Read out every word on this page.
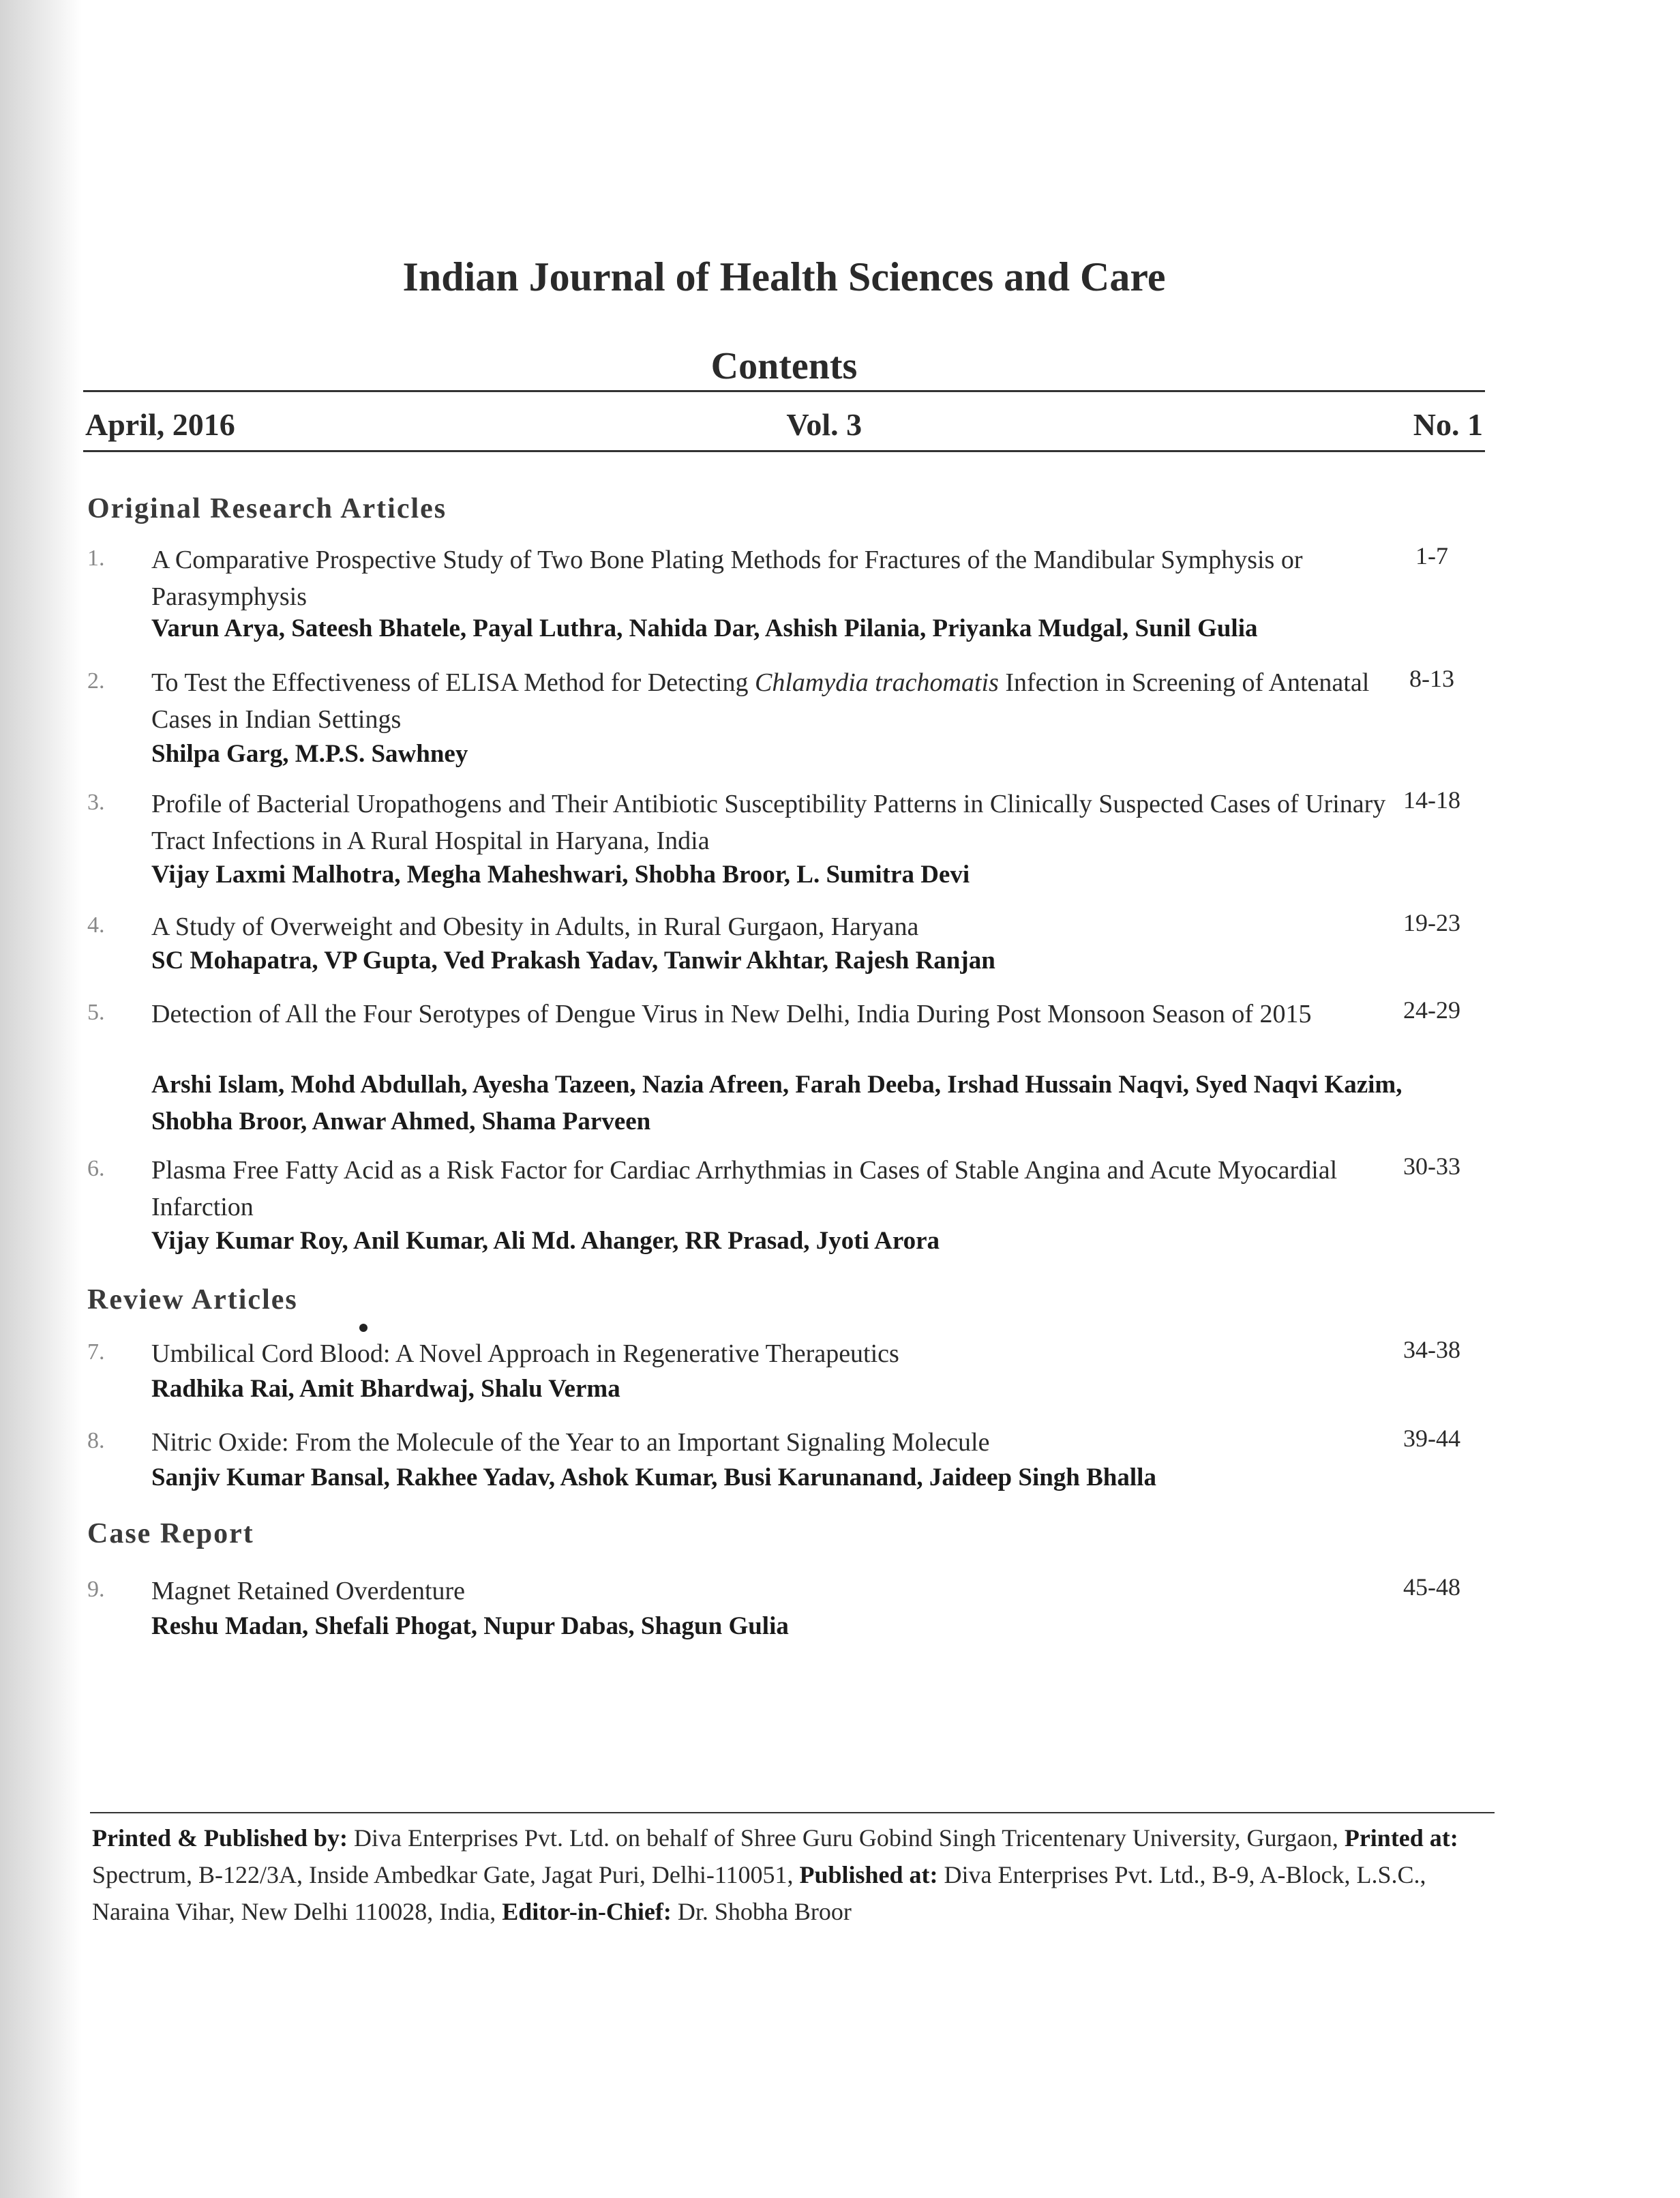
Indian Journal of Health Sciences and Care
Contents
April, 2016	Vol. 3	No. 1
Original Research Articles
1. A Comparative Prospective Study of Two Bone Plating Methods for Fractures of the Mandibular Symphysis or Parasymphysis
Varun Arya, Sateesh Bhatele, Payal Luthra, Nahida Dar, Ashish Pilania, Priyanka Mudgal, Sunil Gulia
1-7
2. To Test the Effectiveness of ELISA Method for Detecting Chlamydia trachomatis Infection in Screening of Antenatal Cases in Indian Settings
Shilpa Garg, M.P.S. Sawhney
8-13
3. Profile of Bacterial Uropathogens and Their Antibiotic Susceptibility Patterns in Clinically Suspected Cases of Urinary Tract Infections in A Rural Hospital in Haryana, India
Vijay Laxmi Malhotra, Megha Maheshwari, Shobha Broor, L. Sumitra Devi
14-18
4. A Study of Overweight and Obesity in Adults, in Rural Gurgaon, Haryana
SC Mohapatra, VP Gupta, Ved Prakash Yadav, Tanwir Akhtar, Rajesh Ranjan
19-23
5. Detection of All the Four Serotypes of Dengue Virus in New Delhi, India During Post Monsoon Season of 2015
Arshi Islam, Mohd Abdullah, Ayesha Tazeen, Nazia Afreen, Farah Deeba, Irshad Hussain Naqvi, Syed Naqvi Kazim, Shobha Broor, Anwar Ahmed, Shama Parveen
24-29
6. Plasma Free Fatty Acid as a Risk Factor for Cardiac Arrhythmias in Cases of Stable Angina and Acute Myocardial Infarction
Vijay Kumar Roy, Anil Kumar, Ali Md. Ahanger, RR Prasad, Jyoti Arora
30-33
Review Articles
7. Umbilical Cord Blood: A Novel Approach in Regenerative Therapeutics
Radhika Rai, Amit Bhardwaj, Shalu Verma
34-38
8. Nitric Oxide: From the Molecule of the Year to an Important Signaling Molecule
Sanjiv Kumar Bansal, Rakhee Yadav, Ashok Kumar, Busi Karunanand, Jaideep Singh Bhalla
39-44
Case Report
9. Magnet Retained Overdenture
Reshu Madan, Shefali Phogat, Nupur Dabas, Shagun Gulia
45-48
Printed & Published by: Diva Enterprises Pvt. Ltd. on behalf of Shree Guru Gobind Singh Tricentenary University, Gurgaon, Printed at: Spectrum, B-122/3A, Inside Ambedkar Gate, Jagat Puri, Delhi-110051, Published at: Diva Enterprises Pvt. Ltd., B-9, A-Block, L.S.C., Naraina Vihar, New Delhi 110028, India, Editor-in-Chief: Dr. Shobha Broor
